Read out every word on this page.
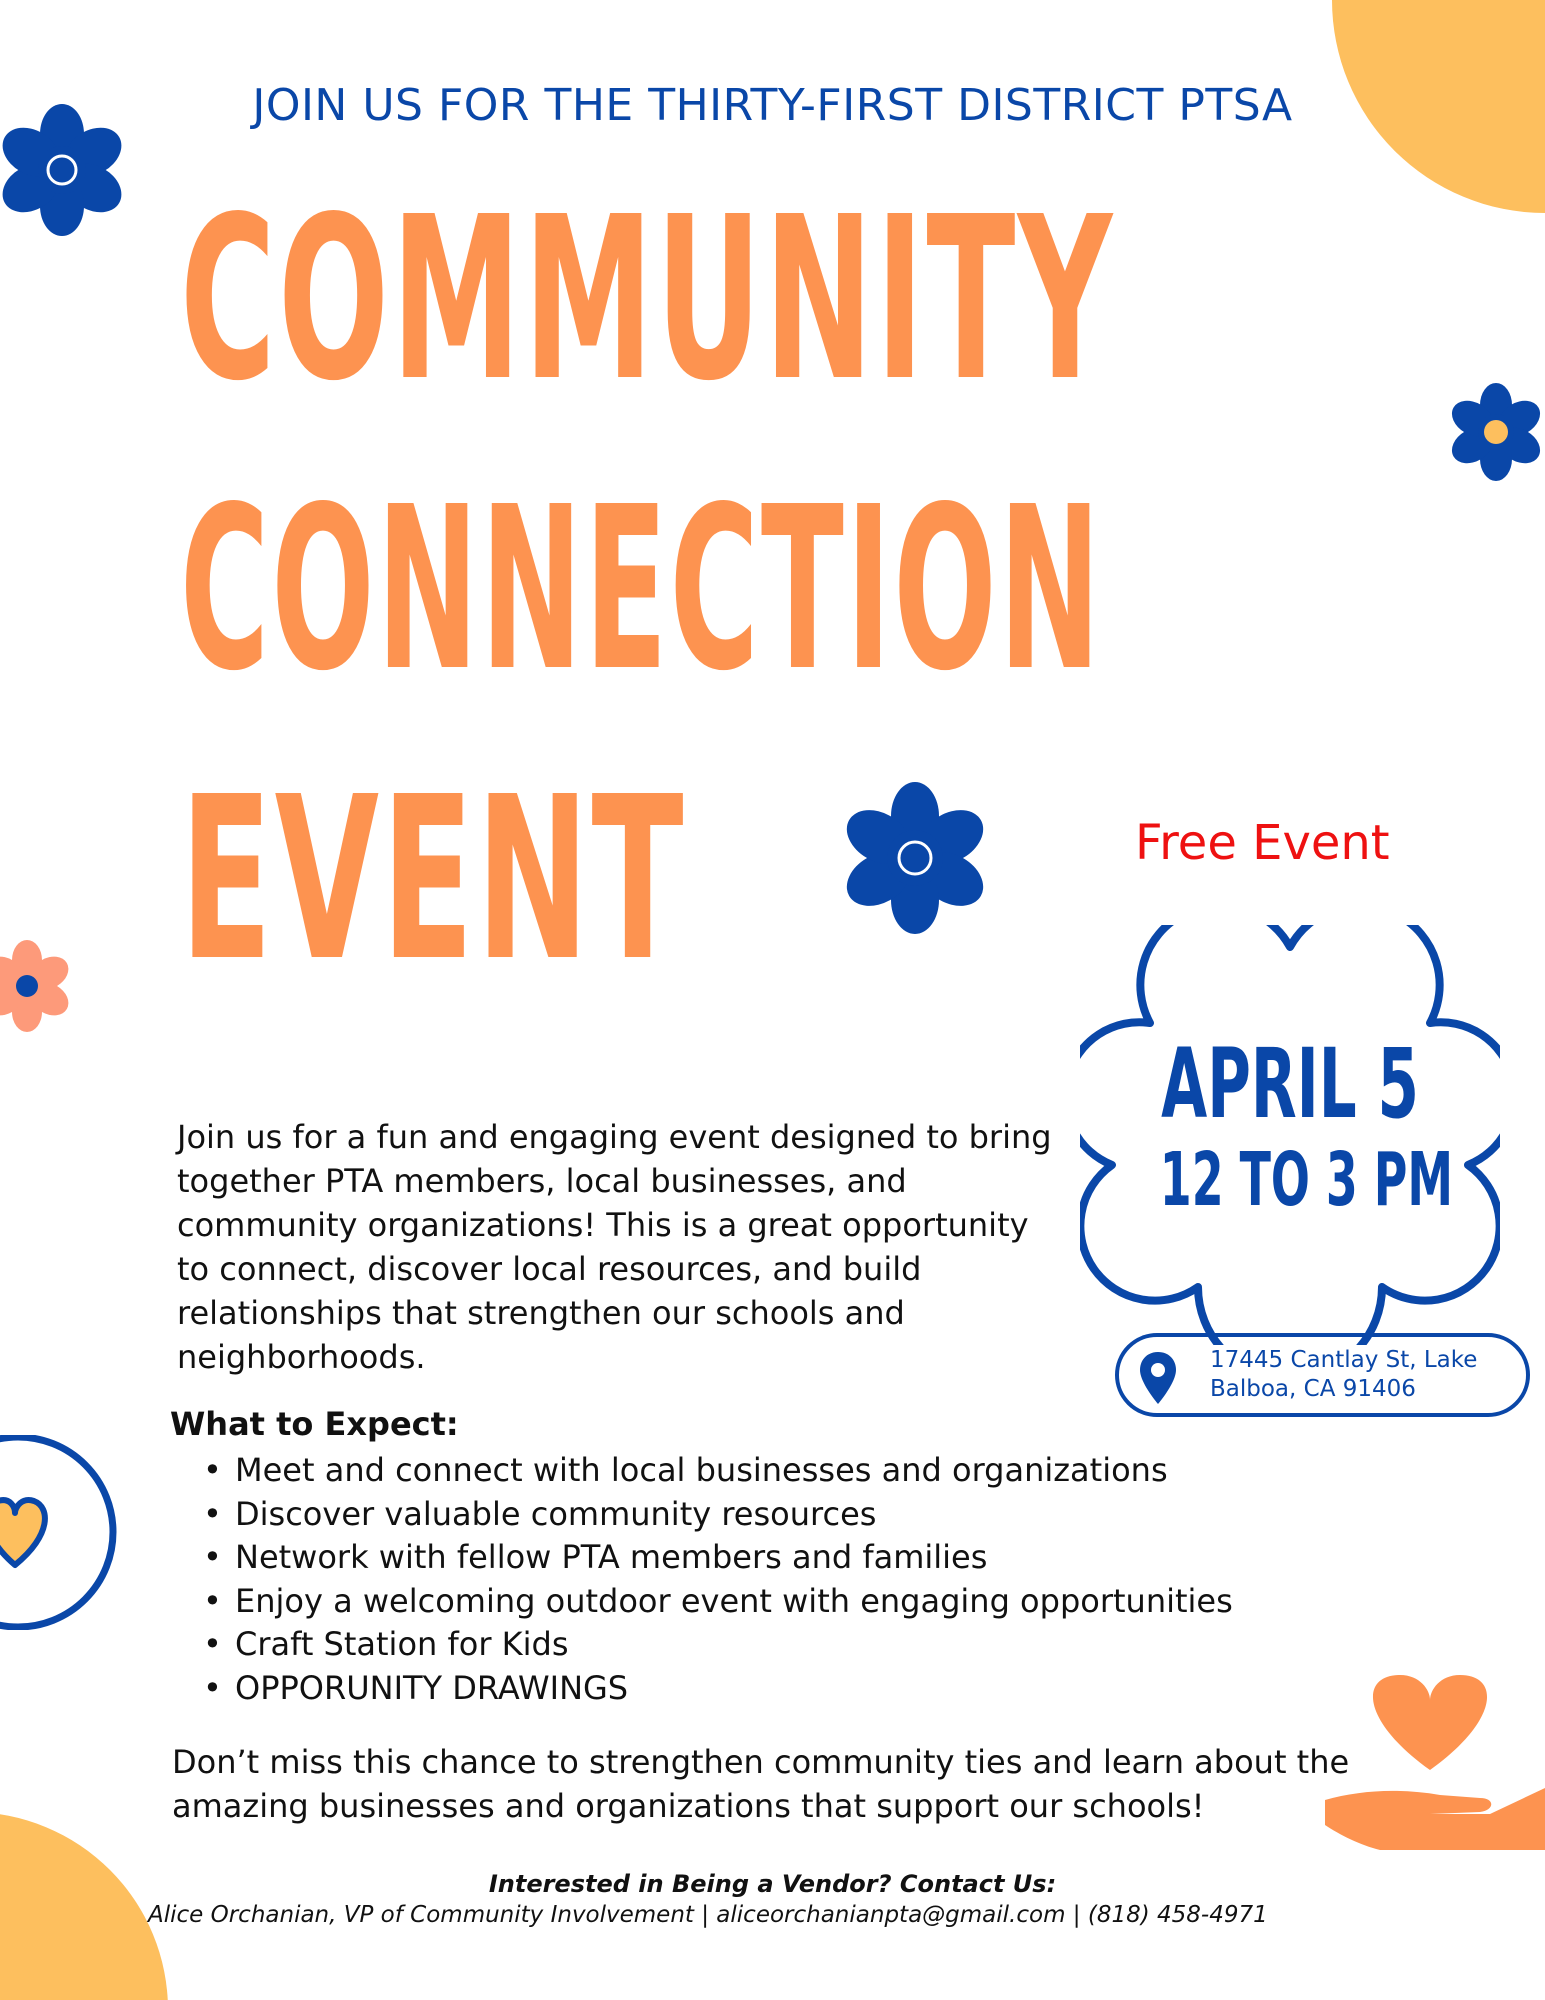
JOIN US FOR THE THIRTY-FIRST DISTRICT PTSA
COMMUNITY
CONNECTION
EVENT	Free Event
APRIL 5
12 TO 3 PM
17445 Cantlay St, Lake
Balboa, CA 91406

Join us for a fun and engaging event designed to bring together PTA members, local businesses, and community organizations! This is a great opportunity to connect, discover local resources, and build relationships that strengthen our schools and neighborhoods.

What to Expect:
• Meet and connect with local businesses and organizations
• Discover valuable community resources
• Network with fellow PTA members and families
• Enjoy a welcoming outdoor event with engaging opportunities
• Craft Station for Kids
• OPPORUNITY DRAWINGS

Don’t miss this chance to strengthen community ties and learn about the amazing businesses and organizations that support our schools!

Interested in Being a Vendor? Contact Us:
Alice Orchanian, VP of Community Involvement | aliceorchanianpta@gmail.com | (818) 458-4971
